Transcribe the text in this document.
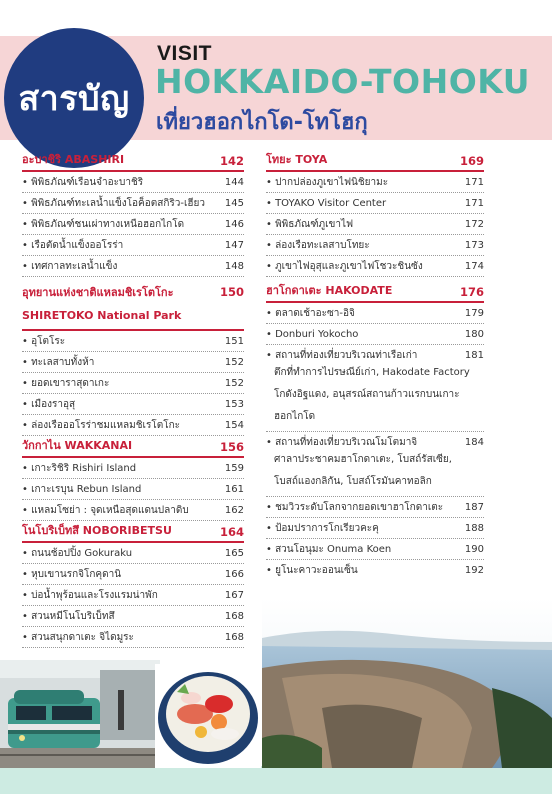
สารบัญ
VISIT
HOKKAIDO-TOHOKU
เที่ยวฮอกไกโด-โทโฮกุ
อะบาชิริ ABASHIRI	142
• พิพิธภัณฑ์เรือนจำอะบาชิริ	144
• พิพิธภัณฑ์ทะเลน้ำแข็งโอค็อตสกิริว-เฮียว	145
• พิพิธภัณฑ์ชนเผ่าทางเหนือฮอกไกโด	146
• เรือตัดน้ำแข็งออโรร่า	147
• เทศกาลทะเลน้ำแข็ง	148
อุทยานแห่งชาติแหลมชิเรโตโกะ	150
SHIRETOKO National Park
• อุโตโระ	151
• ทะเลสาบทั้งห้า	152
• ยอดเขาราสุดาเกะ	152
• เมืองราอุสุ	153
• ล่องเรือออโรร่าชมแหลมชิเรโตโกะ	154
วักกาไน WAKKANAI	156
• เกาะริชิริ Rishiri Island	159
• เกาะเรบุน Rebun Island	161
• แหลมโซย่า : จุดเหนือสุดแดนปลาดิบ	162
โนโบริเบ็ทสึ NOBORIBETSU	164
• ถนนช้อปปิ้ง Gokuraku	165
• หุบเขานรกจิโกคุดานิ	166
• บ่อน้ำพุร้อนและโรงแรมน่าพัก	167
• สวนหมีโนโบริเบ็ทสึ	168
• สวนสนุกดาเตะ จิไดมูระ	168
โทยะ TOYA	169
• ปากปล่องภูเขาไฟนิชิยามะ	171
• TOYAKO Visitor Center	171
• พิพิธภัณฑ์ภูเขาไฟ	172
• ล่องเรือทะเลสาบโทยะ	173
• ภูเขาไฟอุสุและภูเขาไฟโชวะชินซัง	174
ฮาโกดาเตะ HAKODATE	176
• ตลาดเช้าอะซา-อิจิ	179
• Donburi Yokocho	180
• สถานที่ท่องเที่ยวบริเวณท่าเรือเก่า	181
ตึกที่ทำการไปรษณีย์เก่า, Hakodate Factory
โกดังอิฐแดง, อนุสรณ์สถานก้าวแรกบนเกาะ
ฮอกไกโด
• สถานที่ท่องเที่ยวบริเวณโมโตมาจิ	184
ศาลาประชาคมฮาโกดาเตะ, โบสถ์รัสเซีย,
โบสถ์แองกลิกัน, โบสถ์โรมันคาทอลิก
• ชมวิวระดับโลกจากยอดเขาฮาโกดาเตะ	187
• ป้อมปราการโกเรียวคะคุ	188
• สวนโอนุมะ Onuma Koen	190
• ยูโนะคาวะออนเซ็น	192
